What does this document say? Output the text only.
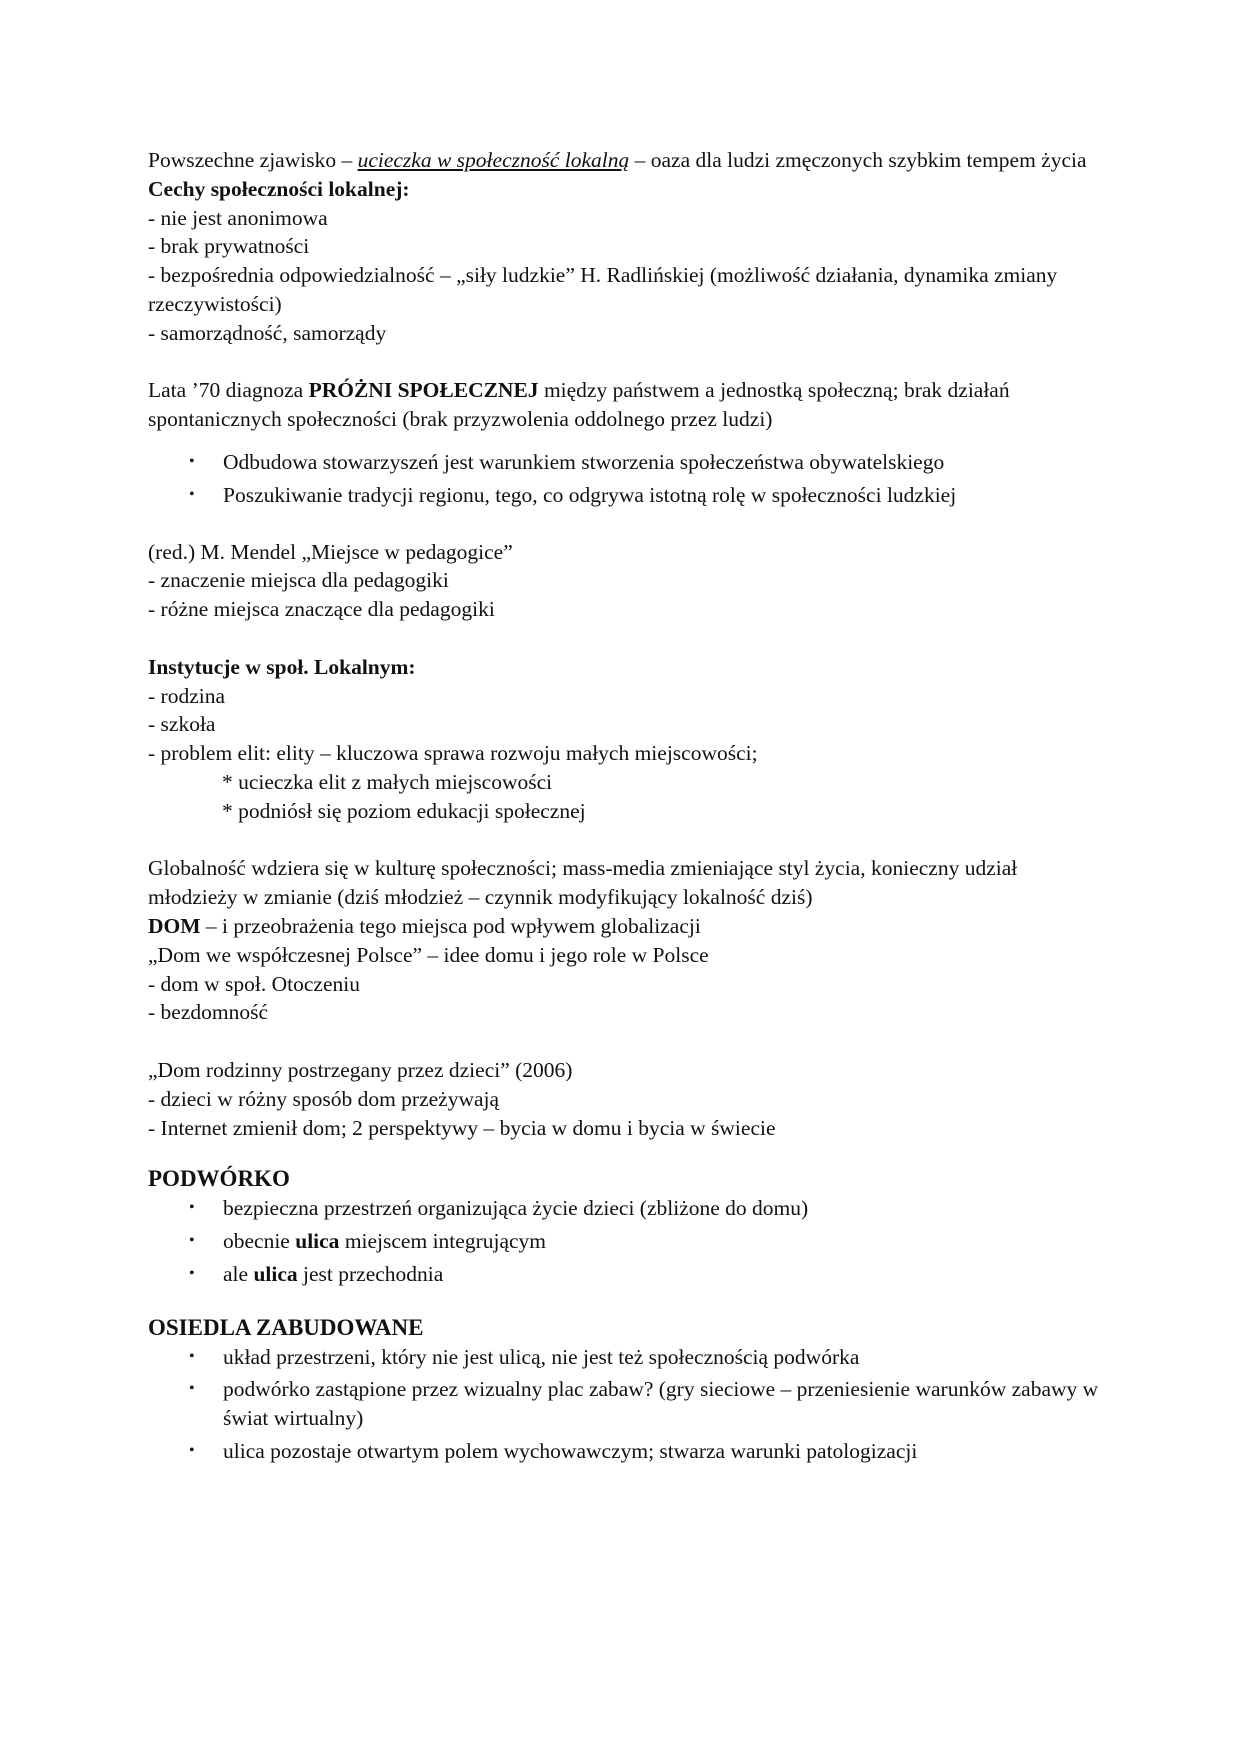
Powszechne zjawisko – ucieczka w społeczność lokalną – oaza dla ludzi zmęczonych szybkim tempem życia

Cechy społeczności lokalnej:

- nie jest anonimowa

- brak prywatności

- bezpośrednia odpowiedzialność – „siły ludzkie” H. Radlińskiej (możliwość działania, dynamika zmiany rzeczywistości)

- samorządność, samorządy

Lata ’70 diagnoza PRÓŻNI SPOŁECZNEJ między państwem a jednostką społeczną; brak działań spontanicznych społeczności (brak przyzwolenia oddolnego przez ludzi)

• Odbudowa stowarzyszeń jest warunkiem stworzenia społeczeństwa obywatelskiego
• Poszukiwanie tradycji regionu, tego, co odgrywa istotną rolę w społeczności ludzkiej

(red.) M. Mendel „Miejsce w pedagogice”

- znaczenie miejsca dla pedagogiki

- różne miejsca znaczące dla pedagogiki

Instytucje w społ. Lokalnym:

- rodzina

- szkoła

- problem elit: elity – kluczowa sprawa rozwoju małych miejscowości;

* ucieczka elit z małych miejscowości

* podniósł się poziom edukacji społecznej

Globalność wdziera się w kulturę społeczności; mass-media zmieniające styl życia, konieczny udział młodzieży w zmianie (dziś młodzież – czynnik modyfikujący lokalność dziś)

DOM – i przeobrażenia tego miejsca pod wpływem globalizacji

„Dom we współczesnej Polsce” – idee domu i jego role w Polsce

- dom w społ. Otoczeniu

- bezdomność

„Dom rodzinny postrzegany przez dzieci” (2006)

- dzieci w różny sposób dom przeżywają

- Internet zmienił dom; 2 perspektywy – bycia w domu i bycia w świecie

PODWÓRKO

• bezpieczna przestrzeń organizująca życie dzieci (zbliżone do domu)
• obecnie ulica miejscem integrującym
• ale ulica jest przechodnia

OSIEDLA ZABUDOWANE

• układ przestrzeni, który nie jest ulicą, nie jest też społecznością podwórka
• podwórko zastąpione przez wizualny plac zabaw? (gry sieciowe – przeniesienie warunków zabawy w świat wirtualny)
• ulica pozostaje otwartym polem wychowawczym; stwarza warunki patologizacji
